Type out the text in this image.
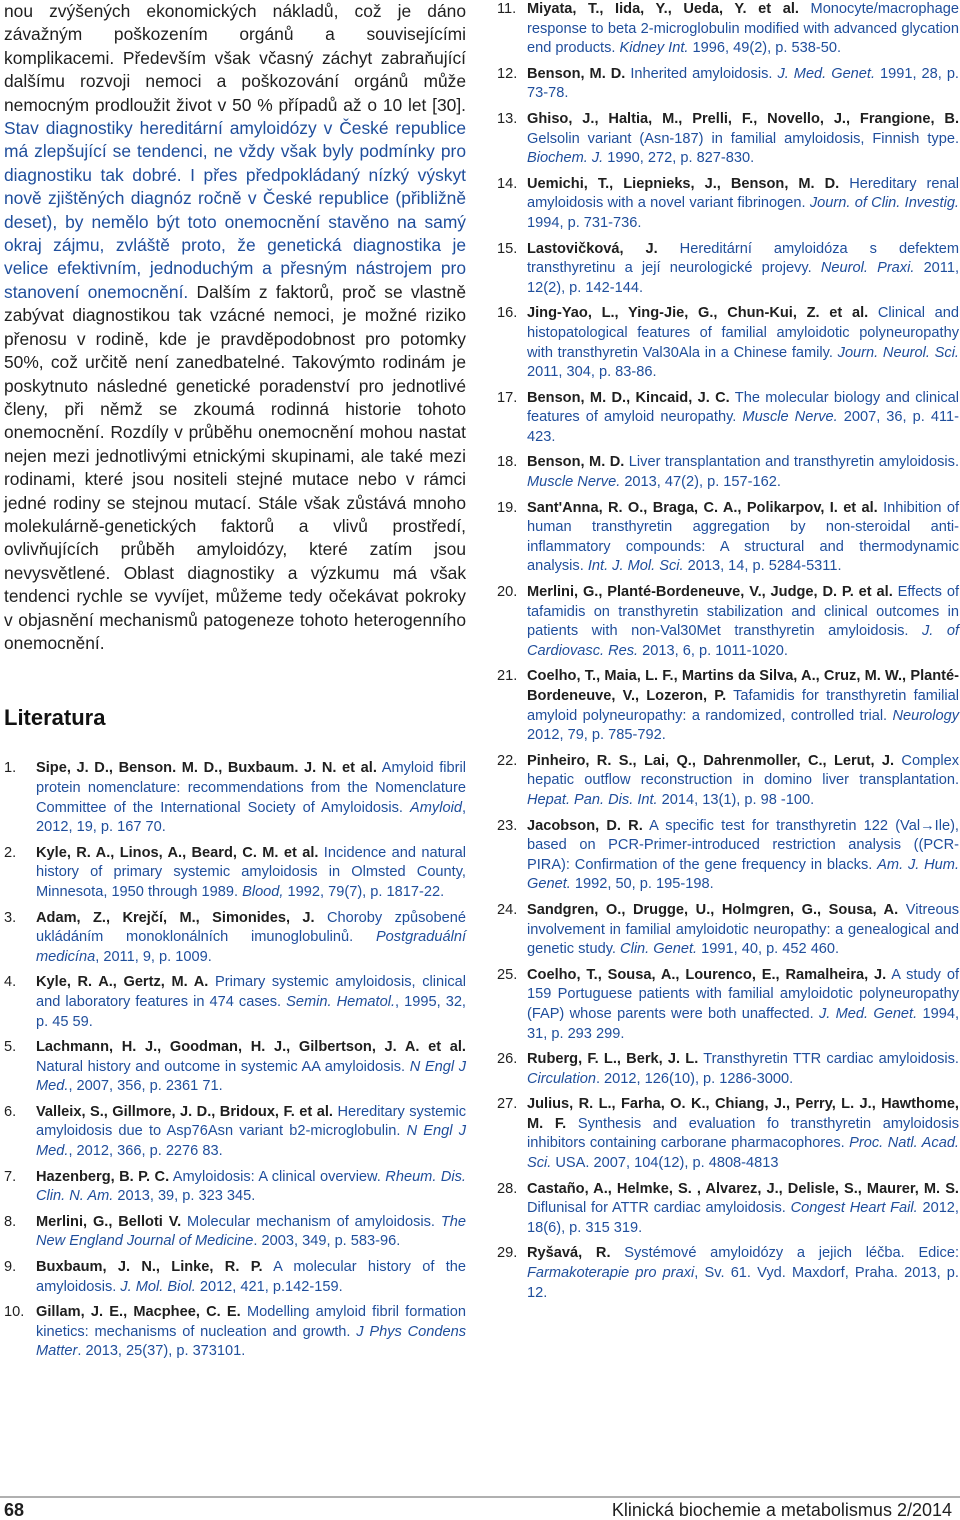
nou zvýšených ekonomických nákladů, což je dáno závažným poškozením orgánů a souvisejícími komplikacemi. Především však včasný záchyt zabraňující dalšímu rozvoji nemoci a poškozování orgánů může nemocným prodloužit život v 50 % případů až o 10 let [30]. Stav diagnostiky hereditární amyloidózy v České republice má zlepšující se tendenci, ne vždy však byly podmínky pro diagnostiku tak dobré. I přes předpokládaný nízký výskyt nově zjištěných diagnóz ročně v České republice (přibližně deset), by nemělo být toto onemocnění stavěno na samý okraj zájmu, zvláště proto, že genetická diagnostika je velice efektivním, jednoduchým a přesným nástrojem pro stanovení onemocnění. Dalším z faktorů, proč se vlastně zabývat diagnostikou tak vzácné nemoci, je možné riziko přenosu v rodině, kde je pravděpodobnost pro potomky 50%, což určitě není zanedbatelné. Takovýmto rodinám je poskytnuto následné genetické poradenství pro jednotlivé členy, při němž se zkoumá rodinná historie tohoto onemocnění. Rozdíly v průběhu onemocnění mohou nastat nejen mezi jednotlivými etnickými skupinami, ale také mezi rodinami, které jsou nositeli stejné mutace nebo v rámci jedné rodiny se stejnou mutací. Stále však zůstává mnoho molekulárně-genetických faktorů a vlivů prostředí, ovlivňujících průběh amyloidózy, které zatím jsou nevysvětlené. Oblast diagnostiky a výzkumu má však tendenci rychle se vyvíjet, můžeme tedy očekávat pokroky v objasnění mechanismů patogeneze tohoto heterogenního onemocnění.

Literatura
1.	Sipe, J. D., Benson. M. D., Buxbaum. J. N. et al. Amyloid fibril protein nomenclature: recommendations from the Nomenclature Committee of the International Society of Amyloidosis. Amyloid, 2012, 19, p. 167 70.
2.	Kyle, R. A., Linos, A., Beard, C. M. et al. Incidence and natural history of primary systemic amyloidosis in Olmsted County, Minnesota, 1950 through 1989. Blood, 1992, 79(7), p. 1817-22.
3.	Adam, Z., Krejčí, M., Simonides, J. Choroby způsobené ukládáním monoklonálních imunoglobulinů. Postgraduální medicína, 2011, 9, p. 1009.
4.	Kyle, R. A., Gertz, M. A. Primary systemic amyloidosis, clinical and laboratory features in 474 cases. Semin. Hematol., 1995, 32, p. 45 59.
5.	Lachmann, H. J., Goodman, H. J., Gilbertson, J. A. et al. Natural history and outcome in systemic AA amyloidosis. N Engl J Med., 2007, 356, p. 2361 71.
6.	Valleix, S., Gillmore, J. D., Bridoux, F. et al. Hereditary systemic amyloidosis due to Asp76Asn variant b2-microglobulin. N Engl J Med., 2012, 366, p. 2276 83.
7.	Hazenberg, B. P. C. Amyloidosis: A clinical overview. Rheum. Dis. Clin. N. Am. 2013, 39, p. 323 345.
8.	Merlini, G., Belloti V. Molecular mechanism of amyloidosis. The New England Journal of Medicine. 2003, 349, p. 583-96.
9.	Buxbaum, J. N., Linke, R. P. A molecular history of the amyloidosis. J. Mol. Biol. 2012, 421, p.142-159.
10. Gillam, J. E., Macphee, C. E. Modelling amyloid fibril formation kinetics: mechanisms of nucleation and growth. J Phys Condens Matter. 2013, 25(37), p. 373101.
11. Miyata, T., Iida, Y., Ueda, Y. et al. Monocyte/macrophage response to beta 2-microglobulin modified with advanced glycation end products. Kidney Int. 1996, 49(2), p. 538-50.
12. Benson, M. D. Inherited amyloidosis. J. Med. Genet. 1991, 28, p. 73-78.
13. Ghiso, J., Haltia, M., Prelli, F., Novello, J., Frangione, B. Gelsolin variant (Asn-187) in familial amyloidosis, Finnish type. Biochem. J. 1990, 272, p. 827-830.
14. Uemichi, T., Liepnieks, J., Benson, M. D. Hereditary renal amyloidosis with a novel variant fibrinogen. Journ. of Clin. Investig. 1994, p. 731-736.
15. Lastovičková, J. Hereditární amyloidóza s defektem transthyretinu a její neurologické projevy. Neurol. Praxi. 2011, 12(2), p. 142-144.
16. Jing-Yao, L., Ying-Jie, G., Chun-Kui, Z. et al. Clinical and histopatological features of familial amyloidotic polyneuropathy with transthyretin Val30Ala in a Chinese family. Journ. Neurol. Sci. 2011, 304, p. 83-86.
17. Benson, M. D., Kincaid, J. C. The molecular biology and clinical features of amyloid neuropathy. Muscle Nerve. 2007, 36, p. 411-423.
18. Benson, M. D. Liver transplantation and transthyretin amyloidosis. Muscle Nerve. 2013, 47(2), p. 157-162.
19. Sant'Anna, R. O., Braga, C. A., Polikarpov, I. et al. Inhibition of human transthyretin aggregation by non-steroidal anti-inflammatory compounds: A structural and thermodynamic analysis. Int. J. Mol. Sci. 2013, 14, p. 5284-5311.
20. Merlini, G., Planté-Bordeneuve, V., Judge, D. P. et al. Effects of tafamidis on transthyretin stabilization and clinical outcomes in patients with non-Val30Met transthyretin amyloidosis. J. of Cardiovasc. Res. 2013, 6, p. 1011-1020.
21. Coelho, T., Maia, L. F., Martins da Silva, A., Cruz, M. W., Planté-Bordeneuve, V., Lozeron, P. Tafamidis for transthyretin familial amyloid polyneuropathy: a randomized, controlled trial. Neurology 2012, 79, p. 785-792.
22. Pinheiro, R. S., Lai, Q., Dahrenmoller, C., Lerut, J. Complex hepatic outflow reconstruction in domino liver transplantation. Hepat. Pan. Dis. Int. 2014, 13(1), p. 98 -100.
23. Jacobson, D. R. A specific test for transthyretin 122 (Val→Ile), based on PCR-Primer-introduced restriction analysis ((PCR-PIRA): Confirmation of the gene frequency in blacks. Am. J. Hum. Genet. 1992, 50, p. 195-198.
24. Sandgren, O., Drugge, U., Holmgren, G., Sousa, A. Vitreous involvement in familial amyloidotic neuropathy: a genealogical and genetic study. Clin. Genet. 1991, 40, p. 452 460.
25. Coelho, T., Sousa, A., Lourenco, E., Ramalheira, J. A study of 159 Portuguese patients with familial amyloidotic polyneuropathy (FAP) whose parents were both unaffected. J. Med. Genet. 1994, 31, p. 293 299.
26. Ruberg, F. L., Berk, J. L. Transthyretin TTR cardiac amyloidosis. Circulation. 2012, 126(10), p. 1286-3000.
27. Julius, R. L., Farha, O. K., Chiang, J., Perry, L. J., Hawthome, M. F. Synthesis and evaluation fo transthyretin amyloidosis inhibitors containing carborane pharmacophores. Proc. Natl. Acad. Sci. USA. 2007, 104(12), p. 4808-4813
28. Castaño, A., Helmke, S. , Alvarez, J., Delisle, S., Maurer, M. S. Diflunisal for ATTR cardiac amyloidosis. Congest Heart Fail. 2012, 18(6), p. 315 319.
29. Ryšavá, R. Systémové amyloidózy a jejich léčba. Edice: Farmakoterapie pro praxi, Sv. 61. Vyd. Maxdorf, Praha. 2013, p. 12.
68	Klinická biochemie a metabolismus 2/2014
